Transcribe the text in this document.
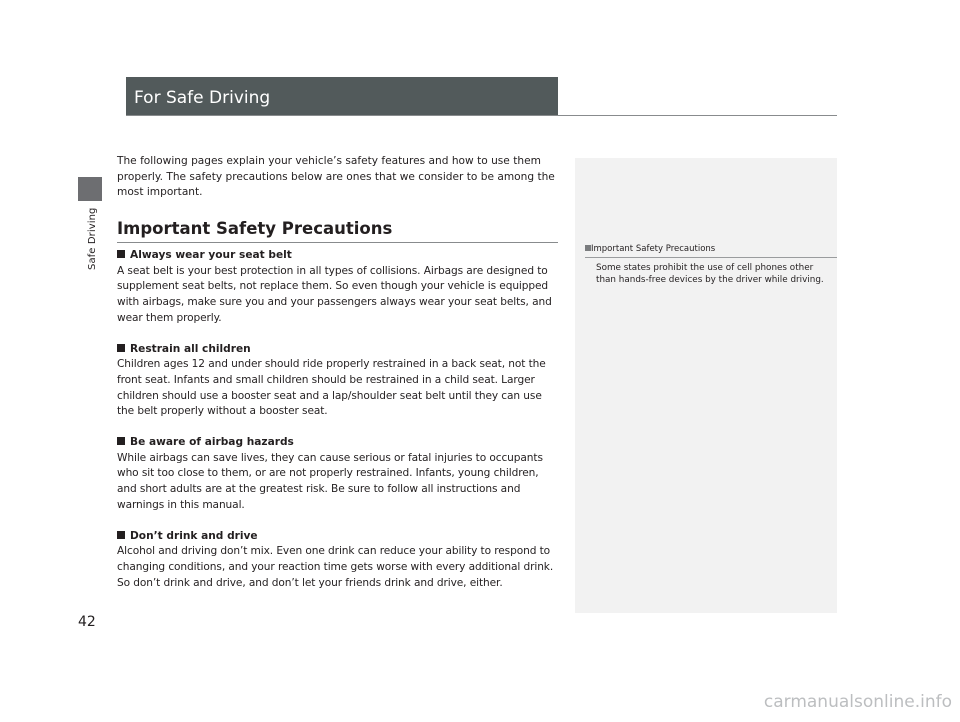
Safe Driving
42
For Safe Driving

The following pages explain your vehicle’s safety features and how to use them properly. The safety precautions below are ones that we consider to be among the most important.

Important Safety Precautions
Always wear your seat belt

A seat belt is your best protection in all types of collisions. Airbags are designed to supplement seat belts, not replace them. So even though your vehicle is equipped with airbags, make sure you and your passengers always wear your seat belts, and wear them properly.

Restrain all children

Children ages 12 and under should ride properly restrained in a back seat, not the front seat. Infants and small children should be restrained in a child seat. Larger children should use a booster seat and a lap/shoulder seat belt until they can use the belt properly without a booster seat.

Be aware of airbag hazards

While airbags can save lives, they can cause serious or fatal injuries to occupants who sit too close to them, or are not properly restrained. Infants, young children, and short adults are at the greatest risk. Be sure to follow all instructions and warnings in this manual.

Don’t drink and drive

Alcohol and driving don’t mix. Even one drink can reduce your ability to respond to changing conditions, and your reaction time gets worse with every additional drink. So don’t drink and drive, and don’t let your friends drink and drive, either.

Important Safety Precautions

Some states prohibit the use of cell phones other than hands-free devices by the driver while driving.

carmanualsonline.info
